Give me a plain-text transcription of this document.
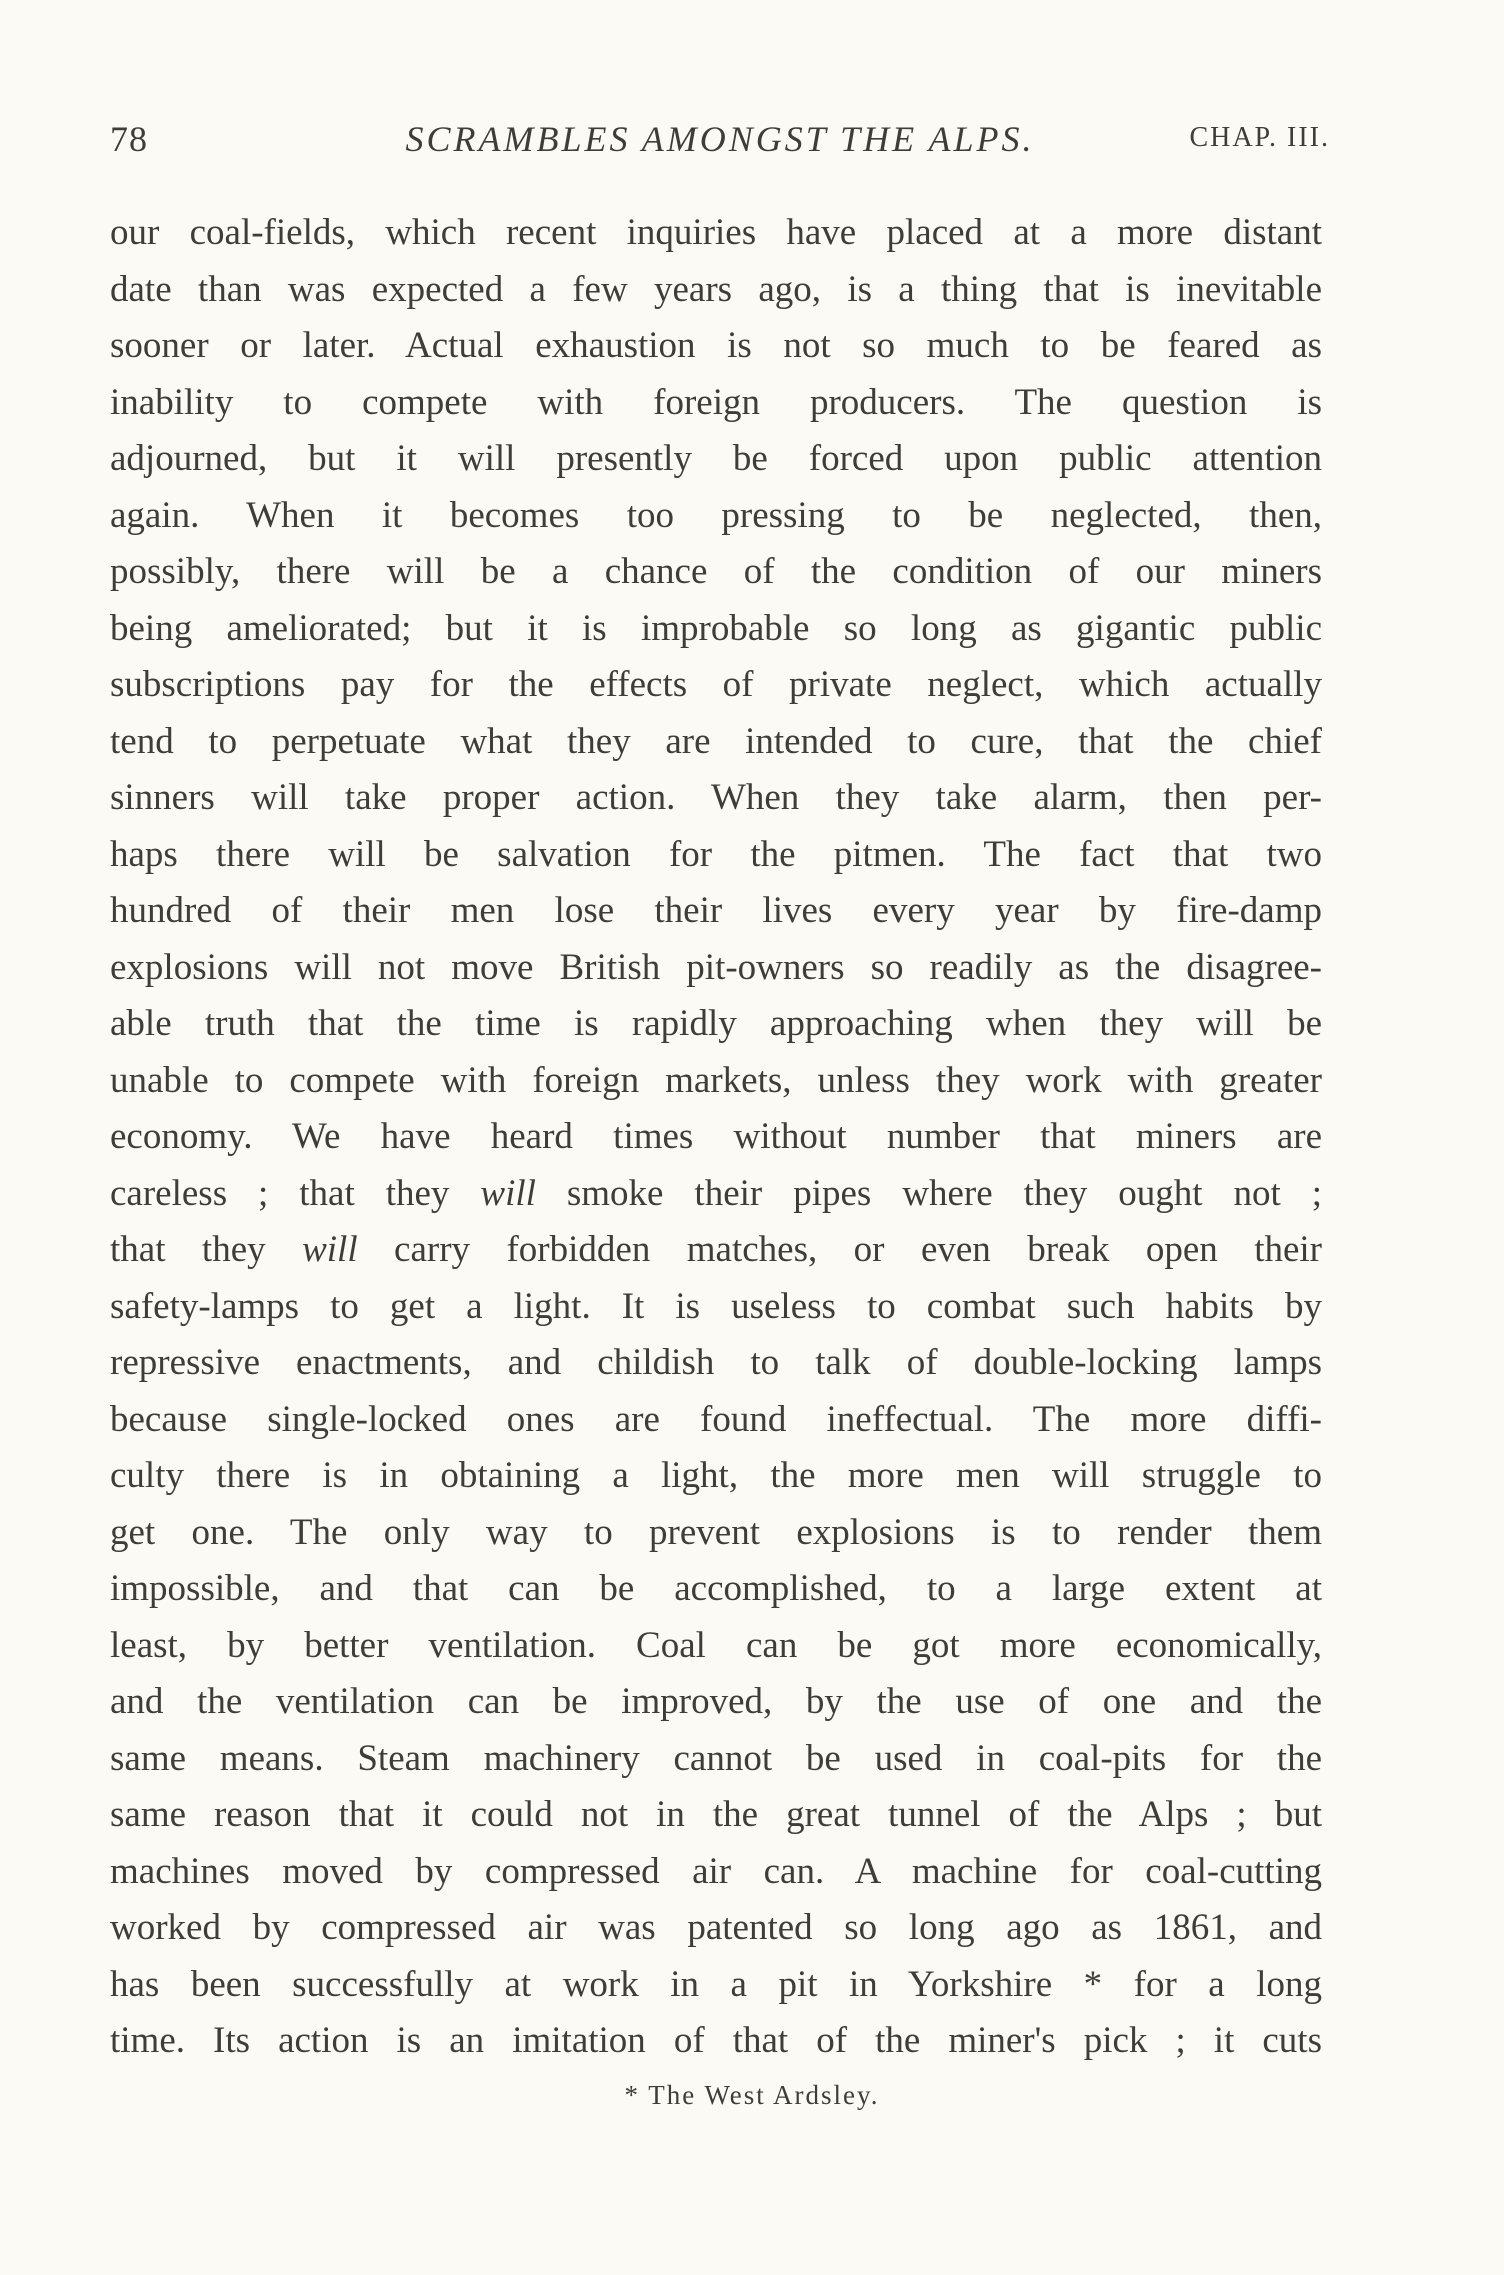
78	SCRAMBLES AMONGST THE ALPS.	CHAP. III.
our coal-fields, which recent inquiries have placed at a more distant
date than was expected a few years ago, is a thing that is inevitable
sooner or later. Actual exhaustion is not so much to be feared as
inability to compete with foreign producers. The question is
adjourned, but it will presently be forced upon public attention
again. When it becomes too pressing to be neglected, then,
possibly, there will be a chance of the condition of our miners
being ameliorated; but it is improbable so long as gigantic public
subscriptions pay for the effects of private neglect, which actually
tend to perpetuate what they are intended to cure, that the chief
sinners will take proper action. When they take alarm, then per-
haps there will be salvation for the pitmen. The fact that two
hundred of their men lose their lives every year by fire-damp
explosions will not move British pit-owners so readily as the disagree-
able truth that the time is rapidly approaching when they will be
unable to compete with foreign markets, unless they work with greater
economy. We have heard times without number that miners are
careless ; that they will smoke their pipes where they ought not ;
that they will carry forbidden matches, or even break open their
safety-lamps to get a light. It is useless to combat such habits by
repressive enactments, and childish to talk of double-locking lamps
because single-locked ones are found ineffectual. The more diffi-
culty there is in obtaining a light, the more men will struggle to
get one. The only way to prevent explosions is to render them
impossible, and that can be accomplished, to a large extent at
least, by better ventilation. Coal can be got more economically,
and the ventilation can be improved, by the use of one and the
same means. Steam machinery cannot be used in coal-pits for the
same reason that it could not in the great tunnel of the Alps ; but
machines moved by compressed air can. A machine for coal-cutting
worked by compressed air was patented so long ago as 1861, and
has been successfully at work in a pit in Yorkshire * for a long
time. Its action is an imitation of that of the miner's pick ; it cuts
* The West Ardsley.
